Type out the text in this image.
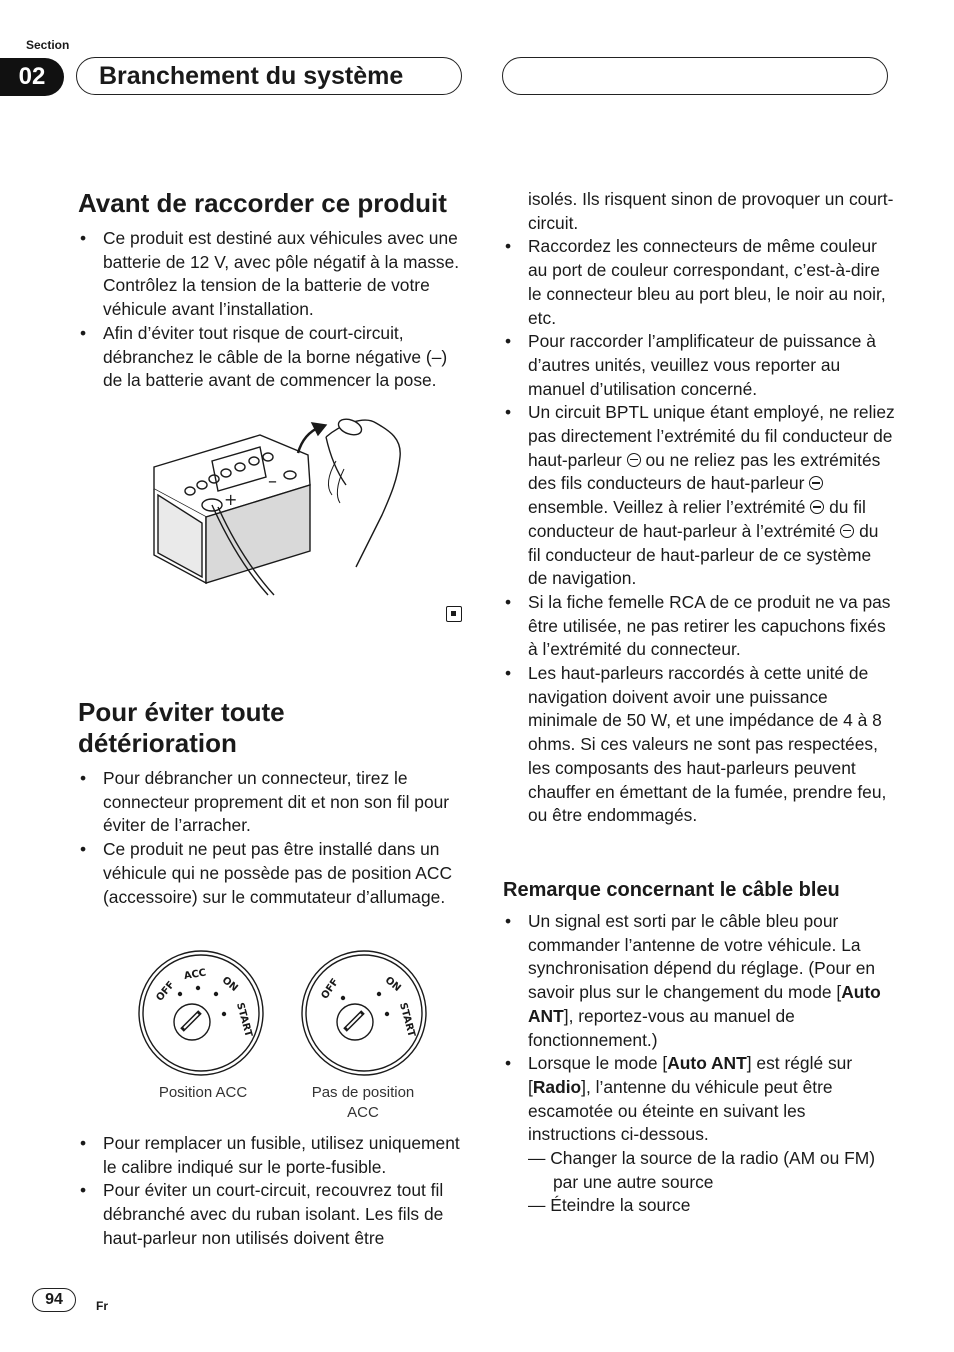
Section
02	Branchement du système
Avant de raccorder ce produit
• Ce produit est destiné aux véhicules avec une batterie de 12 V, avec pôle négatif à la masse. Contrôlez la tension de la batterie de votre véhicule avant l’installation.
• Afin d’éviter tout risque de court-circuit, débranchez le câble de la borne négative (–) de la batterie avant de commencer la pose.
+
–
Pour éviter toute
détérioration
• Pour débrancher un connecteur, tirez le connecteur proprement dit et non son fil pour éviter de l’arracher.
• Ce produit ne peut pas être installé dans un véhicule qui ne possède pas de position ACC (accessoire) sur le commutateur d’allumage.
OFF
ACC
ON
START
OFF	ON
START
Position ACC	Pas de position
ACC
• Pour remplacer un fusible, utilisez uniquement le calibre indiqué sur le porte-fusible.
• Pour éviter un court-circuit, recouvrez tout fil débranché avec du ruban isolant. Les fils de haut-parleur non utilisés doivent être
isolés. Ils risquent sinon de provoquer un court-circuit.
• Raccordez les connecteurs de même couleur au port de couleur correspondant, c’est-à-dire le connecteur bleu au port bleu, le noir au noir, etc.
• Pour raccorder l’amplificateur de puissance à d’autres unités, veuillez vous reporter au manuel d’utilisation concerné.
• Un circuit BPTL unique étant employé, ne reliez pas directement l’extrémité du fil conducteur de haut-parleur ou ne reliez pas les extrémités des fils conducteurs de haut-parleur  ensemble. Veillez à relier l’extrémité du fil conducteur de haut-parleur à l’extrémité du fil conducteur de haut-parleur de ce système de navigation.
• Si la fiche femelle RCA de ce produit ne va pas être utilisée, ne pas retirer les capuchons fixés à l’extrémité du connecteur.
• Les haut-parleurs raccordés à cette unité de navigation doivent avoir une puissance minimale de 50 W, et une impédance de 4 à 8 ohms. Si ces valeurs ne sont pas respectées, les composants des haut-parleurs peuvent chauffer en émettant de la fumée, prendre feu, ou être endommagés.
Remarque concernant le câble bleu
• Un signal est sorti par le câble bleu pour commander l’antenne de votre véhicule. La synchronisation dépend du réglage. (Pour en savoir plus sur le changement du mode [Auto ANT], reportez-vous au manuel de fonctionnement.)
• Lorsque le mode [Auto ANT] est réglé sur [Radio], l’antenne du véhicule peut être escamotée ou éteinte en suivant les instructions ci-dessous.
— Changer la source de la radio (AM ou FM) par une autre source
— Éteindre la source
94	Fr
